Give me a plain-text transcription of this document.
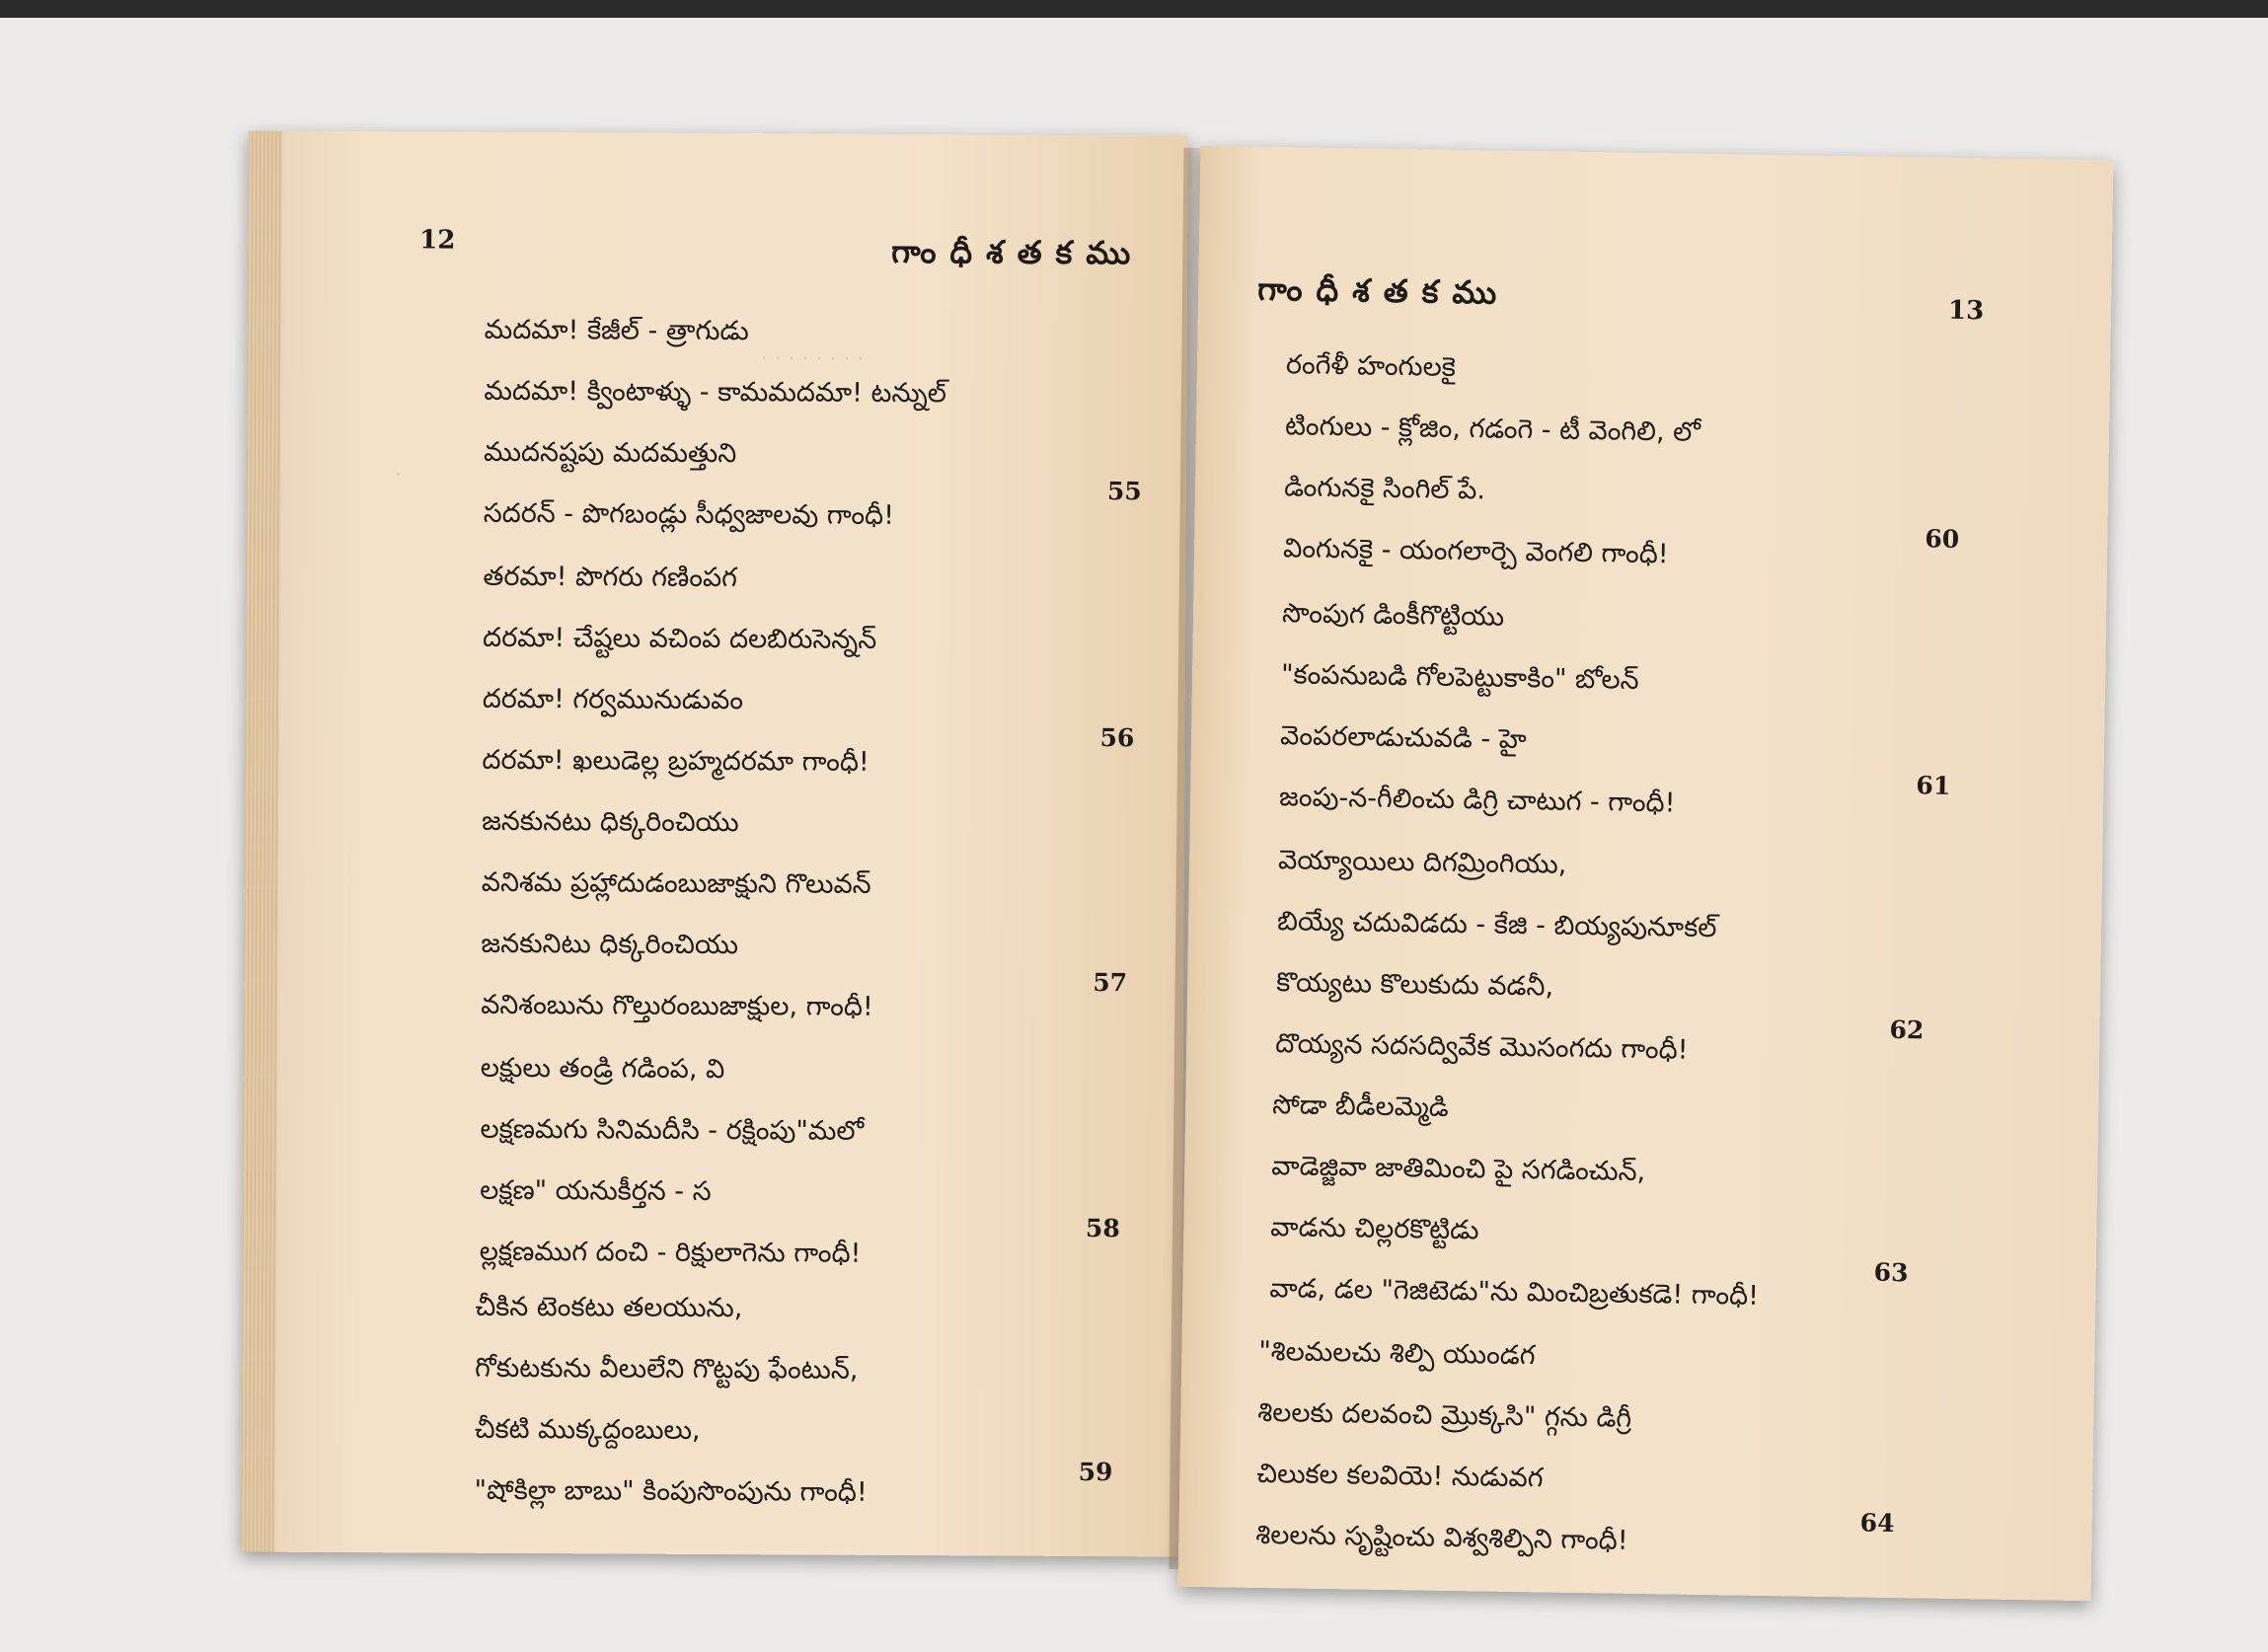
. . . . . . . .
.
12	గాంధీశతకము
మదమా! కేజీల్ - త్రాగుడు
మదమా! క్వింటాళ్ళు - కామమదమా! టన్నుల్
ముదనష్టపు మదమత్తుని
సదరన్ - పొగబండ్లు సీధ్వజాలవు గాంధీ!
55
తరమా! పొగరు గణింపగ
దరమా! చేష్టలు వచింప దలబిరుసెన్నన్
దరమా! గర్వమునుడువం
దరమా! ఖలుడెల్ల బ్రహ్మదరమా గాంధీ!
56
జనకునటు ధిక్కరించియు
వనిశమ ప్రహ్లాదుడంబుజాక్షుని గొలువన్
జనకునిటు ధిక్కరించియు
వనిశంబును గొల్తురంబుజాక్షుల, గాంధీ!
57
లక్షులు తండ్రి గడింప, వి
లక్షణమగు సినిమదీసి - రక్షింపు"మలో
లక్షణ" యనుకీర్తన - స
ల్లక్షణముగ దంచి - రిక్షులాగెను గాంధీ!
58
చీకిన టెంకటు తలయును,
గోకుటకును వీలులేని గొట్టపు ఫేంటున్,
చీకటి ముక్కద్దంబులు,
"షోకిల్లా బాబు" కింపుసొంపును గాంధీ!
59
గాంధీశతకము	13
రంగేళీ హంగులకై
టింగులు - క్లోజిం, గడంగె - టీ వెంగిలి, లో
డింగునకై సింగిల్ పే.
వింగునకై - యంగలార్చె వెంగలి గాంధీ!	60
సొంపుగ డింకీగొట్టియు
"కంపనుబడి గోలపెట్టుకాకిం" బోలన్
వెంపరలాడుచువడి - హై
జంపు-న-గీలించు డిగ్రి చాటుగ - గాంధీ!	61
వెయ్యాయిలు దిగమ్రింగియు,
బియ్యే చదువిడదు - కేజి - బియ్యపునూకల్
కొయ్యటు కొలుకుదు వడనీ,
దొయ్యన సదసద్వివేక మొసంగదు గాంధీ!	62
సోడా బీడీలమ్మెడి
వాడెజ్జివా జాతిమించి పై సగడించున్,
వాడను చిల్లరకొట్టిడు
వాడ, డల "గెజిటెడు"ను మించిబ్రతుకడె! గాంధీ!
63
"శిలమలచు శిల్పి యుండగ
శిలలకు దలవంచి మ్రొక్కసి" గ్గను డిగ్రీ
చిలుకల కలవియె! నుడువగ
శిలలను సృష్టించు విశ్వశిల్పిని గాంధీ!	64
